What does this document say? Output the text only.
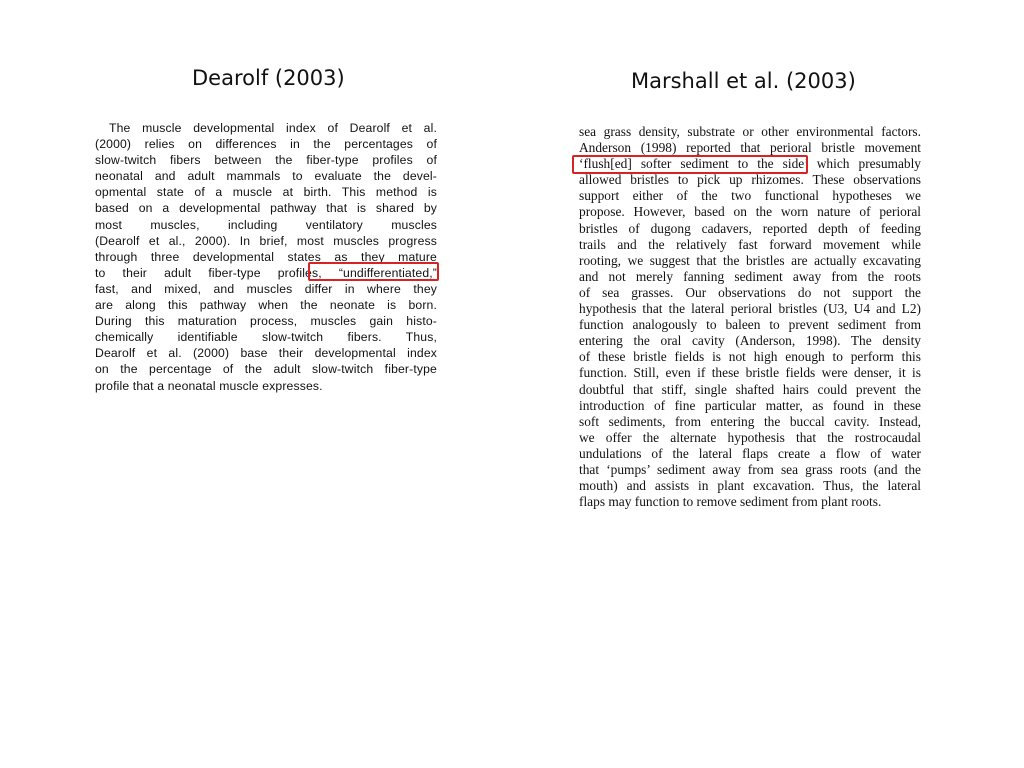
Dearolf (2003)	Marshall et al. (2003)
The muscle developmental index of Dearolf et al.
(2000) relies on differences in the percentages of
slow-twitch fibers between the fiber-type profiles of
neonatal and adult mammals to evaluate the devel-
opmental state of a muscle at birth. This method is
based on a developmental pathway that is shared by
most muscles, including ventilatory muscles
(Dearolf et al., 2000). In brief, most muscles progress
through three developmental states as they mature
to their adult fiber-type profiles, “undifferentiated,”
fast, and mixed, and muscles differ in where they
are along this pathway when the neonate is born.
During this maturation process, muscles gain histo-
chemically identifiable slow-twitch fibers. Thus,
Dearolf et al. (2000) base their developmental index
on the percentage of the adult slow-twitch fiber-type
profile that a neonatal muscle expresses.
sea grass density, substrate or other environmental factors.
Anderson (1998) reported that perioral bristle movement
‘flush[ed] softer sediment to the side’ which presumably
allowed bristles to pick up rhizomes. These observations
support either of the two functional hypotheses we
propose. However, based on the worn nature of perioral
bristles of dugong cadavers, reported depth of feeding
trails and the relatively fast forward movement while
rooting, we suggest that the bristles are actually excavating
and not merely fanning sediment away from the roots
of sea grasses. Our observations do not support the
hypothesis that the lateral perioral bristles (U3, U4 and L2)
function analogously to baleen to prevent sediment from
entering the oral cavity (Anderson, 1998). The density
of these bristle fields is not high enough to perform this
function. Still, even if these bristle fields were denser, it is
doubtful that stiff, single shafted hairs could prevent the
introduction of fine particular matter, as found in these
soft sediments, from entering the buccal cavity. Instead,
we offer the alternate hypothesis that the rostrocaudal
undulations of the lateral flaps create a flow of water
that ‘pumps’ sediment away from sea grass roots (and the
mouth) and assists in plant excavation. Thus, the lateral
flaps may function to remove sediment from plant roots.
